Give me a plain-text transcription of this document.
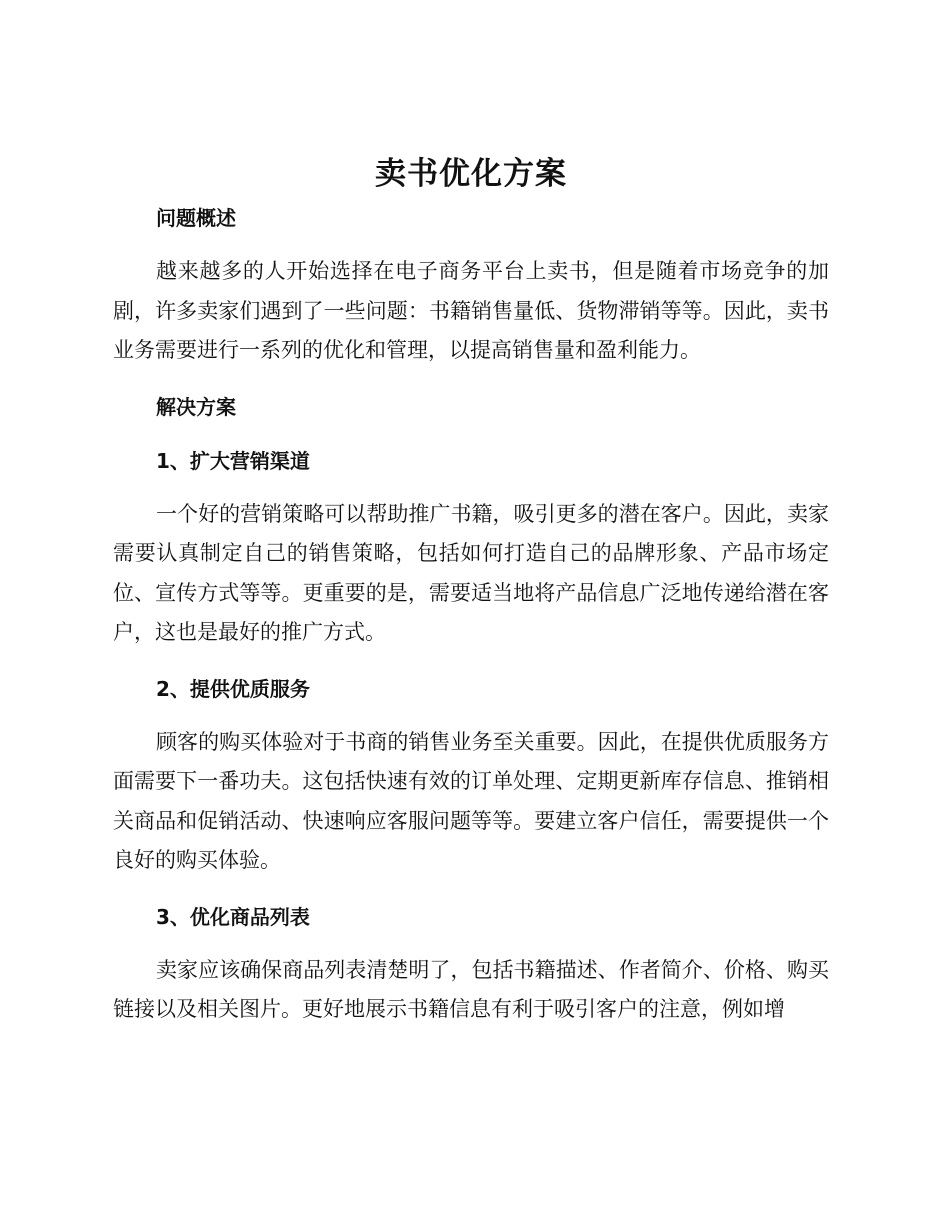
卖书优化方案
问题概述

越来越多的人开始选择在电子商务平台上卖书，但是随着市场竞争的加剧，许多卖家们遇到了一些问题：书籍销售量低、货物滞销等等。因此，卖书业务需要进行一系列的优化和管理，以提高销售量和盈利能力。

解决方案
1、扩大营销渠道

一个好的营销策略可以帮助推广书籍，吸引更多的潜在客户。因此，卖家需要认真制定自己的销售策略，包括如何打造自己的品牌形象、产品市场定位、宣传方式等等。更重要的是，需要适当地将产品信息广泛地传递给潜在客户，这也是最好的推广方式。

2、提供优质服务

顾客的购买体验对于书商的销售业务至关重要。因此，在提供优质服务方面需要下一番功夫。这包括快速有效的订单处理、定期更新库存信息、推销相关商品和促销活动、快速响应客服问题等等。要建立客户信任，需要提供一个良好的购买体验。

3、优化商品列表

卖家应该确保商品列表清楚明了，包括书籍描述、作者简介、价格、购买链接以及相关图片。更好地展示书籍信息有利于吸引客户的注意，例如增
